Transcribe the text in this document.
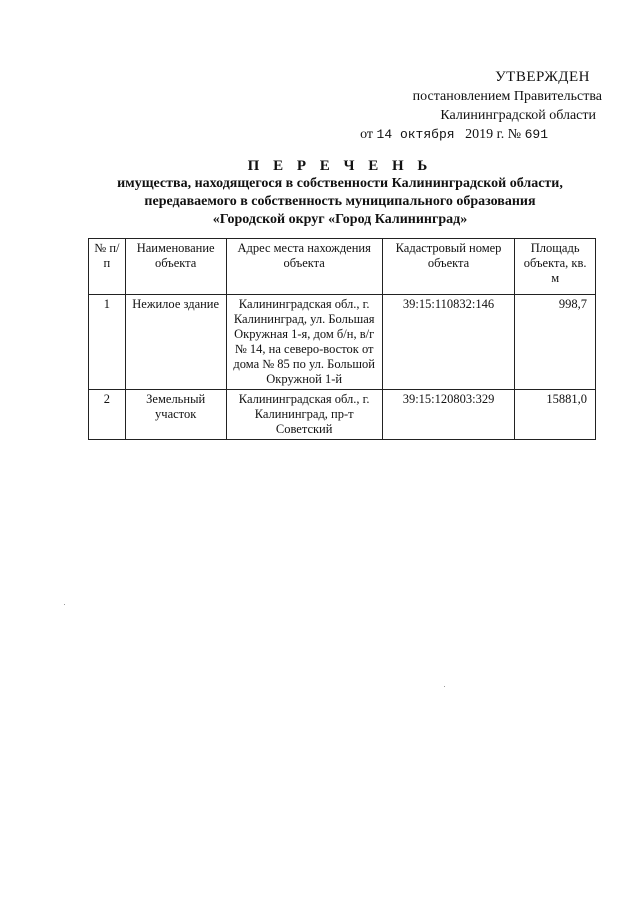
УТВЕРЖДЕН
постановлением Правительства
Калининградской области
от 14 октября 2019 г. № 691
П Е Р Е Ч Е Н Ь
имущества, находящегося в собственности Калининградской области,
передаваемого в собственность муниципального образования
«Городской округ «Город Калининград»
№ п/п	Наименование объекта	Адрес места нахождения объекта	Кадастровый номер объекта	Площадь объекта, кв. м
1	Нежилое здание	Калининградская обл., г. Калининград, ул. Большая Окружная 1-я, дом б/н, в/г № 14, на северо-восток от дома № 85 по ул. Большой Окружной 1-й	39:15:110832:146	998,7
2	Земельный участок	Калининградская обл., г. Калининград, пр-т Советский	39:15:120803:329	15881,0
